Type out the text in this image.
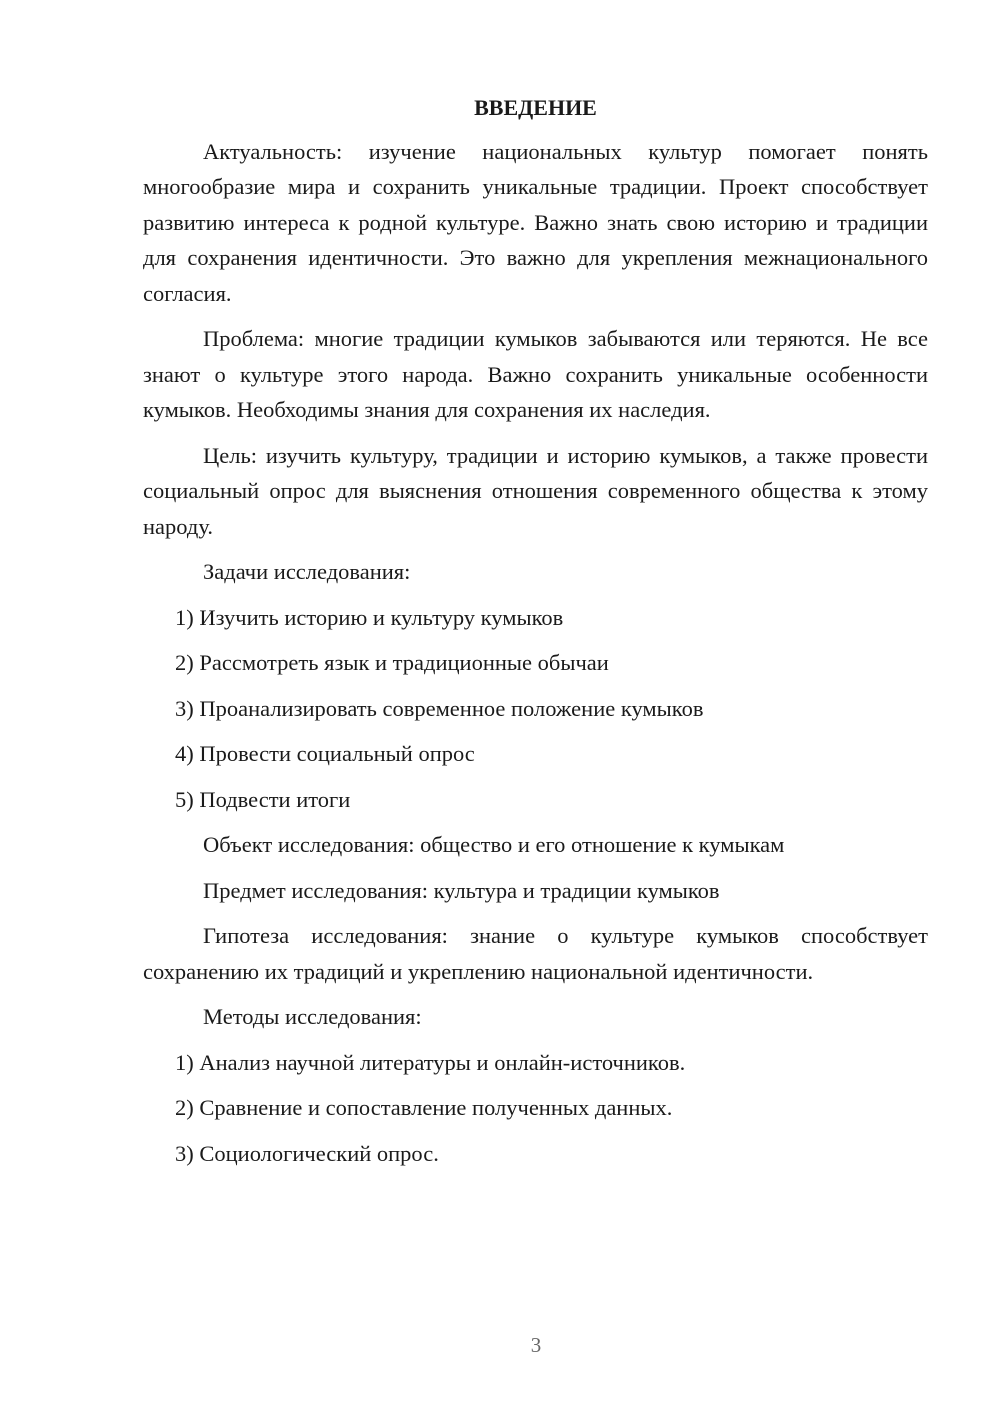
ВВЕДЕНИЕ

Актуальность: изучение национальных культур помогает понять многообразие мира и сохранить уникальные традиции. Проект способствует развитию интереса к родной культуре. Важно знать свою историю и традиции для сохранения идентичности. Это важно для укрепления межнационального согласия.

Проблема: многие традиции кумыков забываются или теряются. Не все знают о культуре этого народа. Важно сохранить уникальные особенности кумыков. Необходимы знания для сохранения их наследия.

Цель: изучить культуру, традиции и историю кумыков, а также провести социальный опрос для выяснения отношения современного общества к этому народу.

Задачи исследования:

1) Изучить историю и культуру кумыков
2) Рассмотреть язык и традиционные обычаи
3) Проанализировать современное положение кумыков
4) Провести социальный опрос
5) Подвести итоги

Объект исследования: общество и его отношение к кумыкам

Предмет исследования: культура и традиции кумыков

Гипотеза исследования: знание о культуре кумыков способствует сохранению их традиций и укреплению национальной идентичности.

Методы исследования:

1) Анализ научной литературы и онлайн-источников.
2) Сравнение и сопоставление полученных данных.
3) Социологический опрос.
3
